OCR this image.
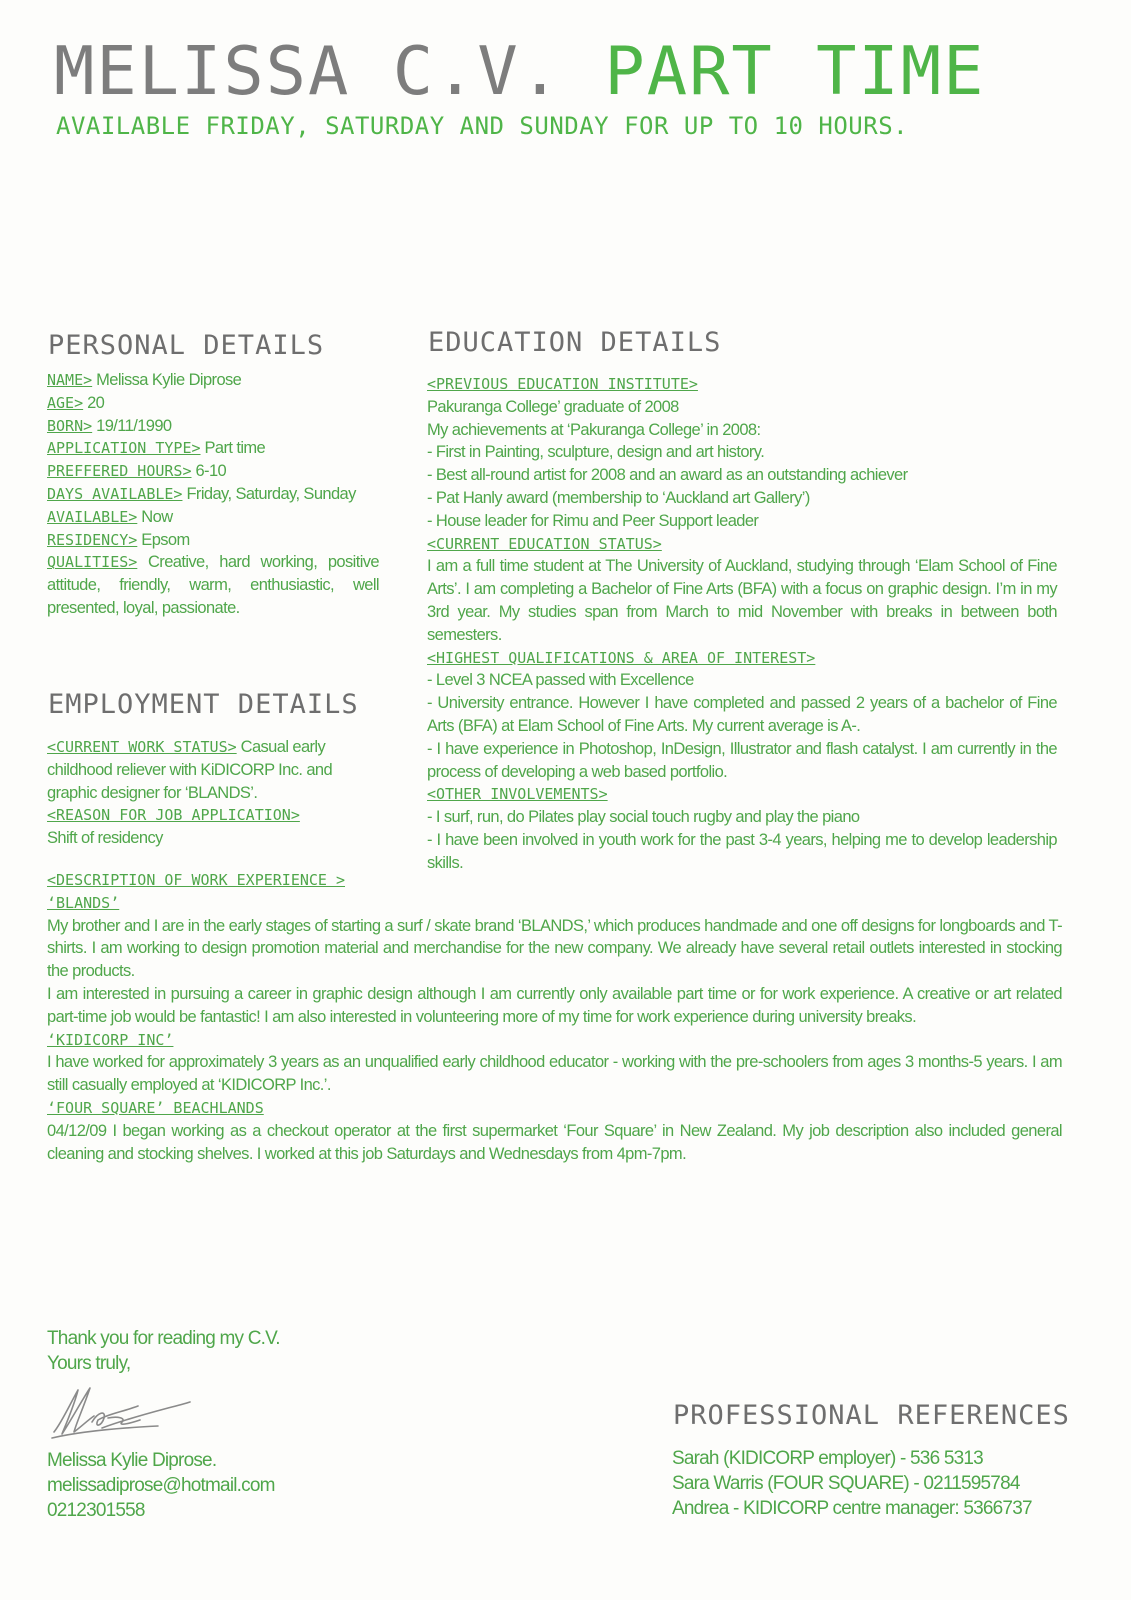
MELISSA C.V. PART TIME
AVAILABLE FRIDAY, SATURDAY AND SUNDAY FOR UP TO 10 HOURS.
PERSONAL DETAILS
NAME> Melissa Kylie Diprose
AGE> 20
BORN> 19/11/1990
APPLICATION TYPE> Part time
PREFFERED HOURS> 6-10
DAYS AVAILABLE> Friday, Saturday, Sunday
AVAILABLE> Now
RESIDENCY> Epsom
QUALITIES> Creative, hard working, positive attitude, friendly, warm, enthusiastic, well presented, loyal, passionate.
EMPLOYMENT DETAILS
<CURRENT WORK STATUS> Casual early childhood reliever with KiDICORP Inc. and graphic designer for ‘BLANDS’.
<REASON FOR JOB APPLICATION>
Shift of residency
EDUCATION DETAILS
<PREVIOUS EDUCATION INSTITUTE>
Pakuranga College’ graduate of 2008
My achievements at ‘Pakuranga College’ in 2008:
- First in Painting, sculpture, design and art history.
- Best all-round artist for 2008 and an award as an outstanding achiever
- Pat Hanly award (membership to ‘Auckland art Gallery’)
- House leader for Rimu and Peer Support leader
<CURRENT EDUCATION STATUS>
I am a full time student at The University of Auckland, studying through ‘Elam School of Fine Arts’. I am completing a Bachelor of Fine Arts (BFA) with a focus on graphic design. I’m in my 3rd year. My studies span from March to mid November with breaks in between both semesters.
<HIGHEST QUALIFICATIONS & AREA OF INTEREST>
- Level 3 NCEA passed with Excellence
- University entrance. However I have completed and passed 2 years of a bachelor of Fine Arts (BFA) at Elam School of Fine Arts. My current average is A-.
- I have experience in Photoshop, InDesign, Illustrator and flash catalyst. I am currently in the process of developing a web based portfolio.
<OTHER INVOLVEMENTS>
- I surf, run, do Pilates play social touch rugby and play the piano
- I have been involved in youth work for the past 3-4 years, helping me to develop leadership skills.
<DESCRIPTION OF WORK EXPERIENCE >
‘BLANDS’
My brother and I are in the early stages of starting a surf / skate brand ‘BLANDS,’ which produces handmade and one off designs for longboards and T-shirts. I am working to design promotion material and merchandise for the new company. We already have several retail outlets interested in stocking the products.
I am interested in pursuing a career in graphic design although I am currently only available part time or for work experience. A creative or art related part-time job would be fantastic! I am also interested in volunteering more of my time for work experience during university breaks.
‘KIDICORP INC’
I have worked for approximately 3 years as an unqualified early childhood educator - working with the pre-schoolers from ages 3 months-5 years. I am still casually employed at ‘KIDICORP Inc.’.
‘FOUR SQUARE’ BEACHLANDS
04/12/09 I began working as a checkout operator at the first supermarket ‘Four Square’ in New Zealand. My job description also included general cleaning and stocking shelves. I worked at this job Saturdays and Wednesdays from 4pm-7pm.
Thank you for reading my C.V.
Yours truly,
Melissa Kylie Diprose.
melissadiprose@hotmail.com
0212301558
PROFESSIONAL REFERENCES
Sarah (KIDICORP employer) - 536 5313
Sara Warris (FOUR SQUARE) - 0211595784
Andrea - KIDICORP centre manager: 5366737
